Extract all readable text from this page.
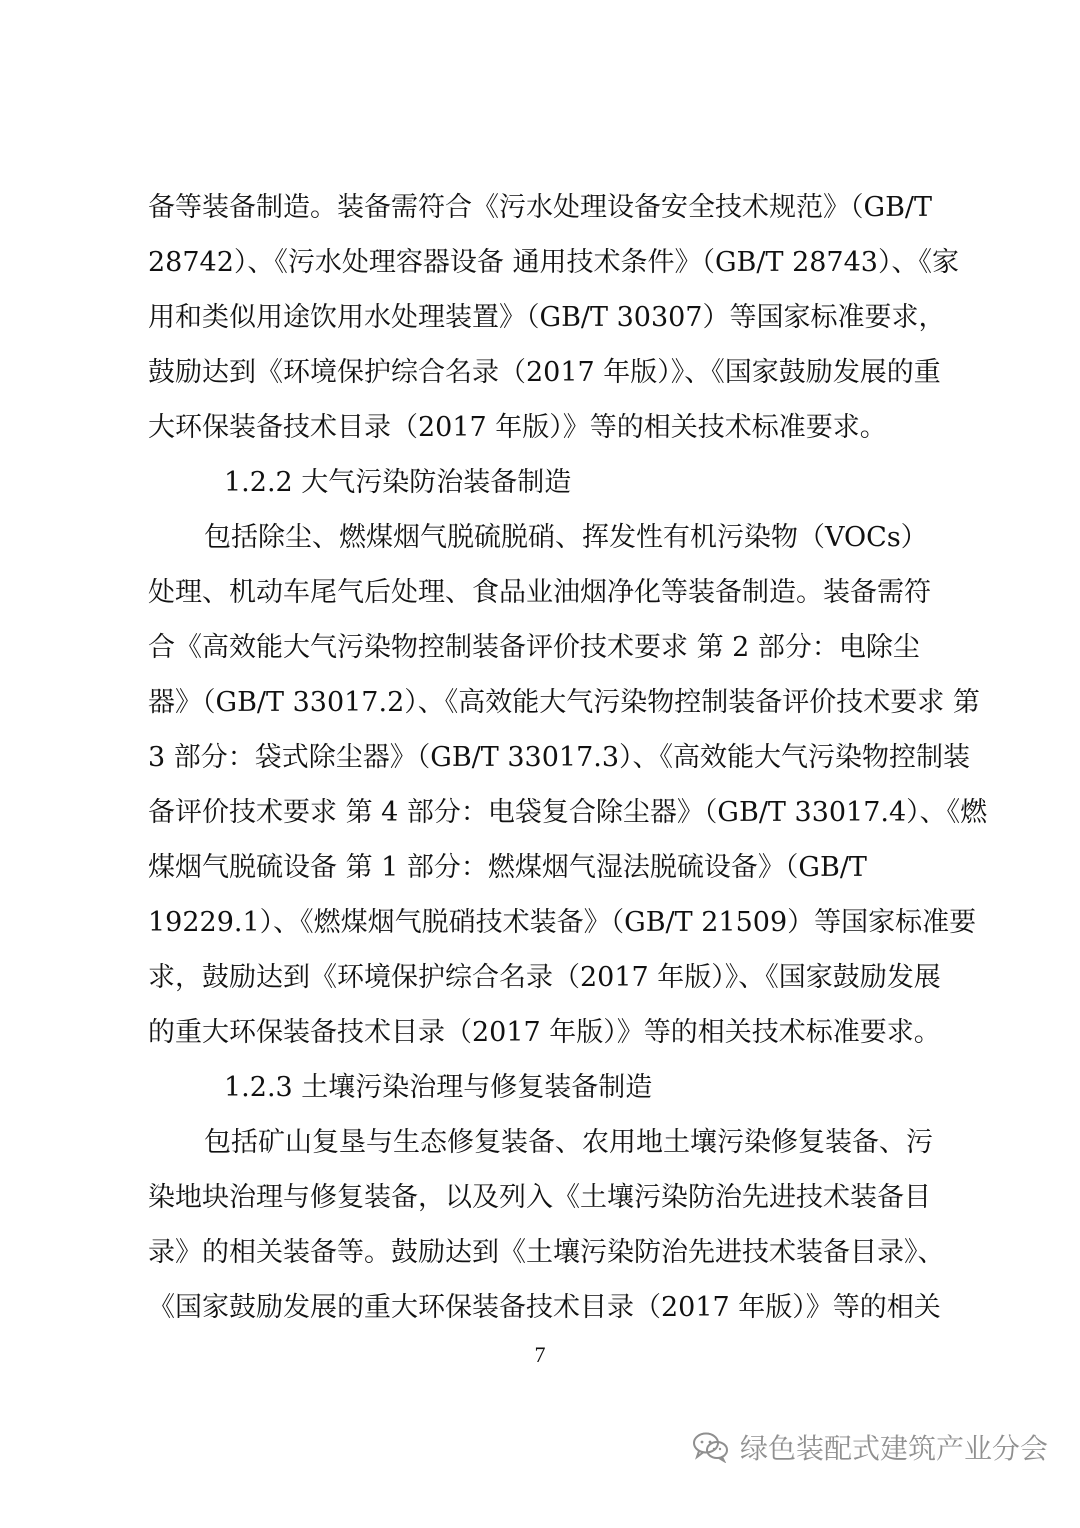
备等装备制造。装备需符合《污水处理设备安全技术规范》（GB/T
28742）、《污水处理容器设备 通用技术条件》（GB/T 28743）、《家
用和类似用途饮用水处理装置》（GB/T 30307）等国家标准要求，
鼓励达到《环境保护综合名录（2017 年版）》、《国家鼓励发展的重
大环保装备技术目录（2017 年版）》等的相关技术标准要求。
1.2.2 大气污染防治装备制造
包括除尘、燃煤烟气脱硫脱硝、挥发性有机污染物（VOCs）
处理、机动车尾气后处理、食品业油烟净化等装备制造。装备需符
合《高效能大气污染物控制装备评价技术要求 第 2 部分：电除尘
器》（GB/T 33017.2）、《高效能大气污染物控制装备评价技术要求 第
3 部分：袋式除尘器》（GB/T 33017.3）、《高效能大气污染物控制装
备评价技术要求 第 4 部分：电袋复合除尘器》（GB/T 33017.4）、《燃
煤烟气脱硫设备 第 1 部分：燃煤烟气湿法脱硫设备》（GB/T
19229.1）、《燃煤烟气脱硝技术装备》（GB/T 21509）等国家标准要
求，鼓励达到《环境保护综合名录（2017 年版）》、《国家鼓励发展
的重大环保装备技术目录（2017 年版）》等的相关技术标准要求。
1.2.3 土壤污染治理与修复装备制造
包括矿山复垦与生态修复装备、农用地土壤污染修复装备、污
染地块治理与修复装备，以及列入《土壤污染防治先进技术装备目
录》的相关装备等。鼓励达到《土壤污染防治先进技术装备目录》、
《国家鼓励发展的重大环保装备技术目录（2017 年版）》等的相关
7
绿色装配式建筑产业分会
